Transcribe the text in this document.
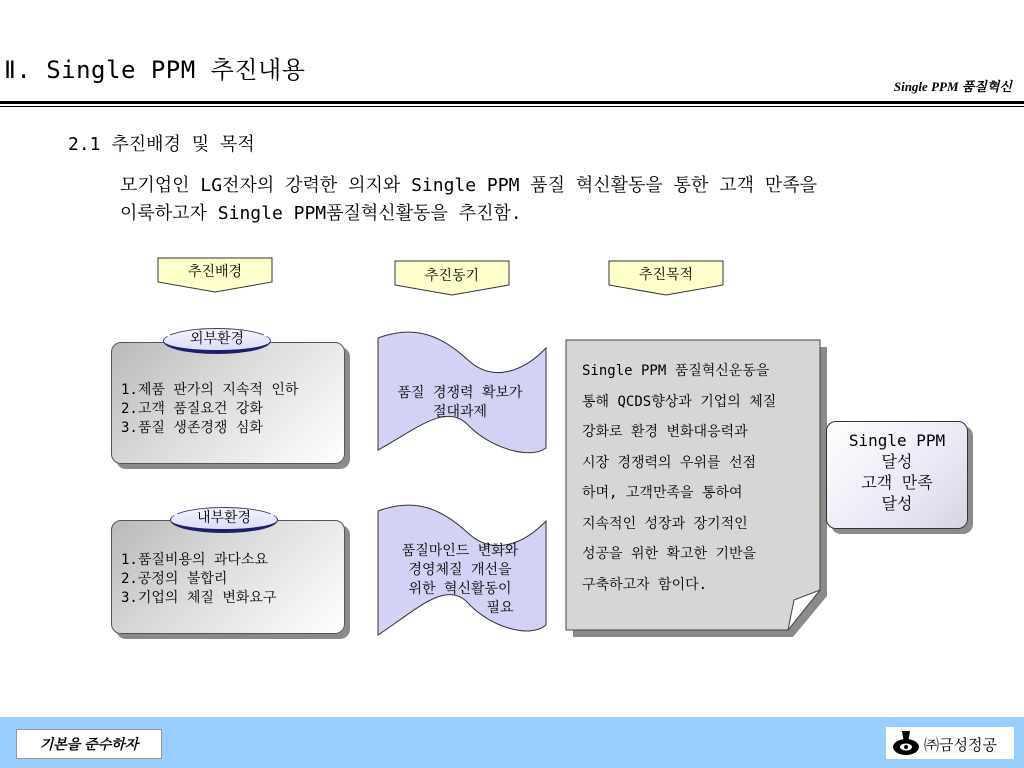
Ⅱ. Single PPM 추진내용
Single PPM 품질혁신
2.1 추진배경 및 목적
모기업인 LG전자의 강력한 의지와 Single PPM 품질 혁신활동을 통한 고객 만족을
이룩하고자 Single PPM품질혁신활동을 추진함.
추진배경	추진동기	추진목적
외부환경
1.제품 판가의 지속적 인하
2.고객 품질요건 강화
3.품질 생존경쟁 심화
내부환경
1.품질비용의 과다소요
2.공정의 불합리
3.기업의 체질 변화요구
품질 경쟁력 확보가
절대과제
품질마인드 변화와
경영체질 개선을
위한 혁신활동이
필요
Single PPM 품질혁신운동을
통해 QCDS향상과 기업의 체질
강화로 환경 변화대응력과
시장 경쟁력의 우위를 선점
하며, 고객만족을 통하여
지속적인 성장과 장기적인
성공을 위한 확고한 기반을
구축하고자 함이다.
Single PPM
달성
고객 만족
달성
기본을 준수하자	㈜금성정공
